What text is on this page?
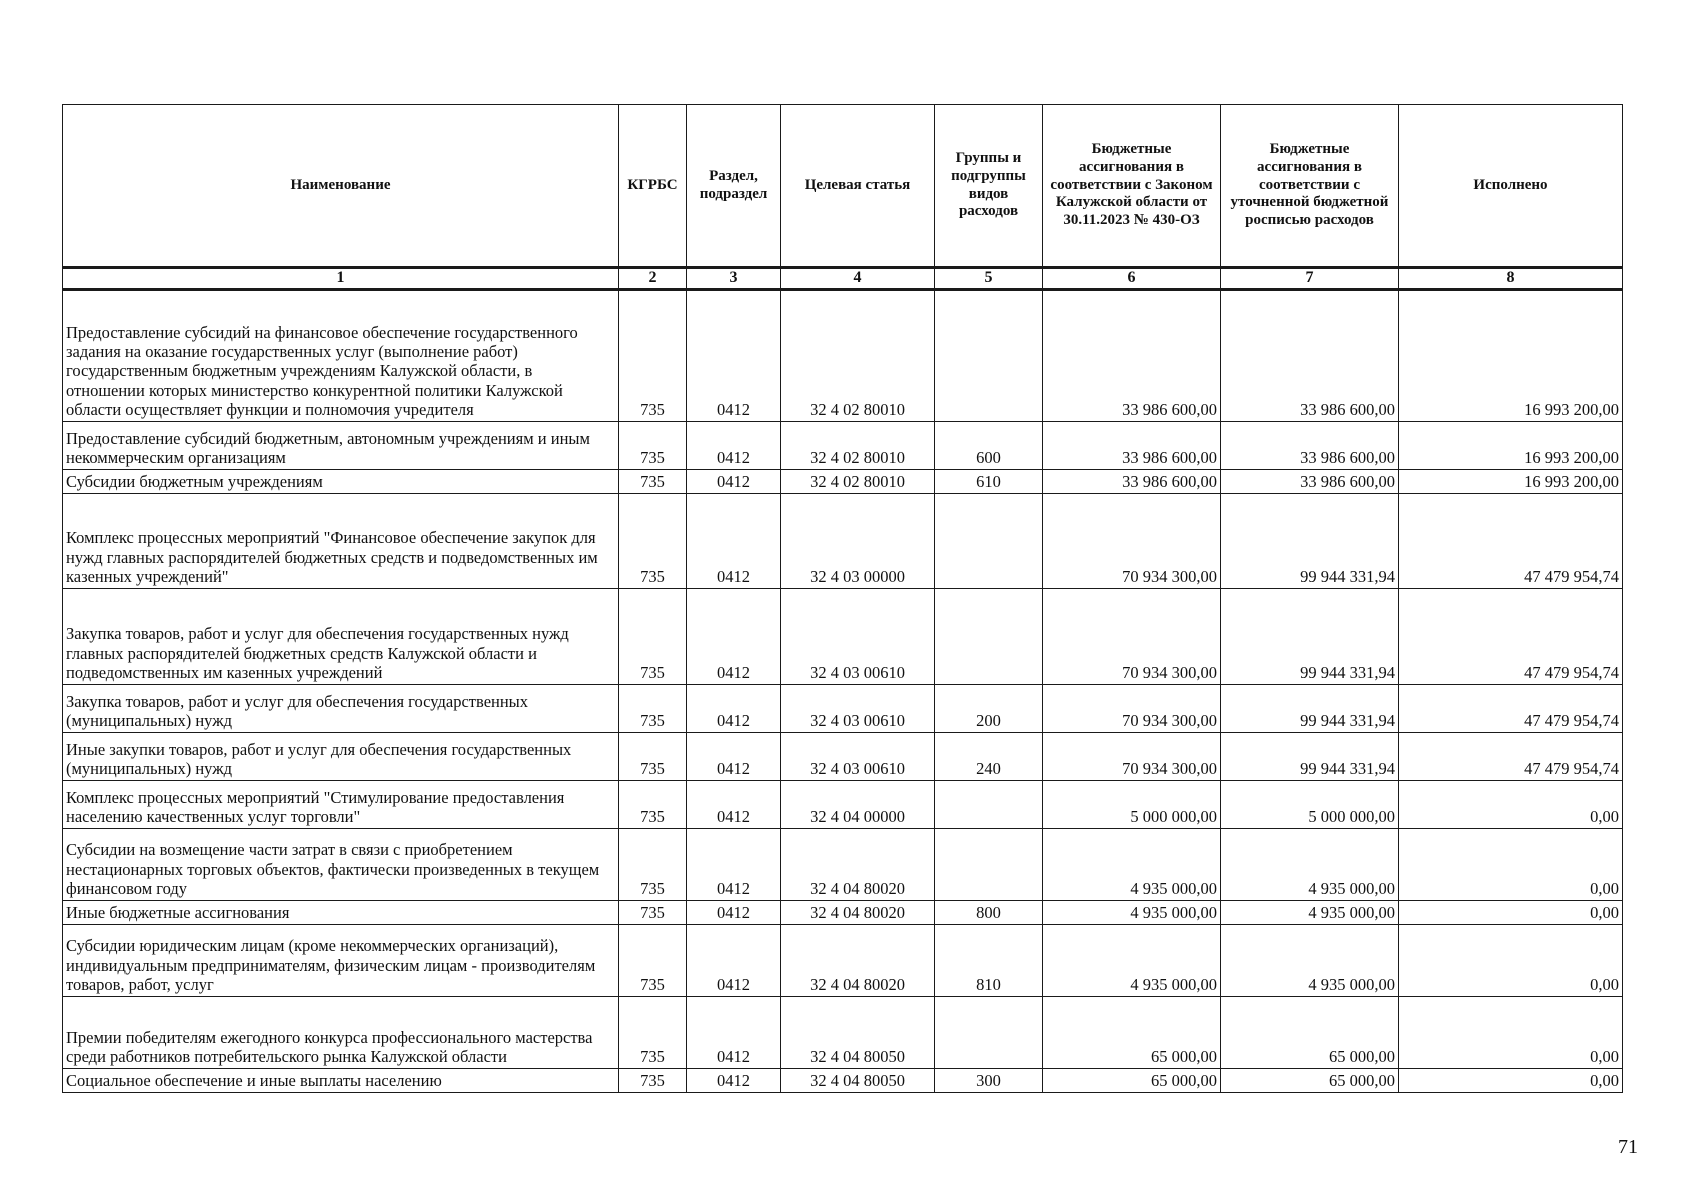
Наименование	КГРБС	Раздел, подраздел	Целевая статья	Группы и подгруппы видов расходов	Бюджетные ассигнования в соответствии с Законом Калужской области от 30.11.2023 № 430-ОЗ	Бюджетные ассигнования в соответствии с уточненной бюджетной росписью расходов	Исполнено
1	2	3	4	5	6	7	8
Предоставление субсидий на финансовое обеспечение государственного задания на оказание государственных услуг (выполнение работ) государственным бюджетным учреждениям Калужской области, в отношении которых министерство конкурентной политики Калужской области осуществляет функции и полномочия учредителя	735	0412	32 4 02 80010		33 986 600,00	33 986 600,00	16 993 200,00
Предоставление субсидий бюджетным, автономным учреждениям и иным некоммерческим организациям	735	0412	32 4 02 80010	600	33 986 600,00	33 986 600,00	16 993 200,00
Субсидии бюджетным учреждениям	735	0412	32 4 02 80010	610	33 986 600,00	33 986 600,00	16 993 200,00
Комплекс процессных мероприятий "Финансовое обеспечение закупок для нужд главных распорядителей бюджетных средств и подведомственных им казенных учреждений"	735	0412	32 4 03 00000		70 934 300,00	99 944 331,94	47 479 954,74
Закупка товаров, работ и услуг для обеспечения государственных нужд главных распорядителей бюджетных средств Калужской области и подведомственных им казенных учреждений	735	0412	32 4 03 00610		70 934 300,00	99 944 331,94	47 479 954,74
Закупка товаров, работ и услуг для обеспечения государственных (муниципальных) нужд	735	0412	32 4 03 00610	200	70 934 300,00	99 944 331,94	47 479 954,74
Иные закупки товаров, работ и услуг для обеспечения государственных (муниципальных) нужд	735	0412	32 4 03 00610	240	70 934 300,00	99 944 331,94	47 479 954,74
Комплекс процессных мероприятий "Стимулирование предоставления населению качественных услуг торговли"	735	0412	32 4 04 00000		5 000 000,00	5 000 000,00	0,00
Субсидии на возмещение части затрат в связи с приобретением нестационарных торговых объектов, фактически произведенных в текущем финансовом году	735	0412	32 4 04 80020		4 935 000,00	4 935 000,00	0,00
Иные бюджетные ассигнования	735	0412	32 4 04 80020	800	4 935 000,00	4 935 000,00	0,00
Субсидии юридическим лицам (кроме некоммерческих организаций), индивидуальным предпринимателям, физическим лицам - производителям товаров, работ, услуг	735	0412	32 4 04 80020	810	4 935 000,00	4 935 000,00	0,00
Премии победителям ежегодного конкурса профессионального мастерства среди работников потребительского рынка Калужской области	735	0412	32 4 04 80050		65 000,00	65 000,00	0,00
Социальное обеспечение и иные выплаты населению	735	0412	32 4 04 80050	300	65 000,00	65 000,00	0,00
71
